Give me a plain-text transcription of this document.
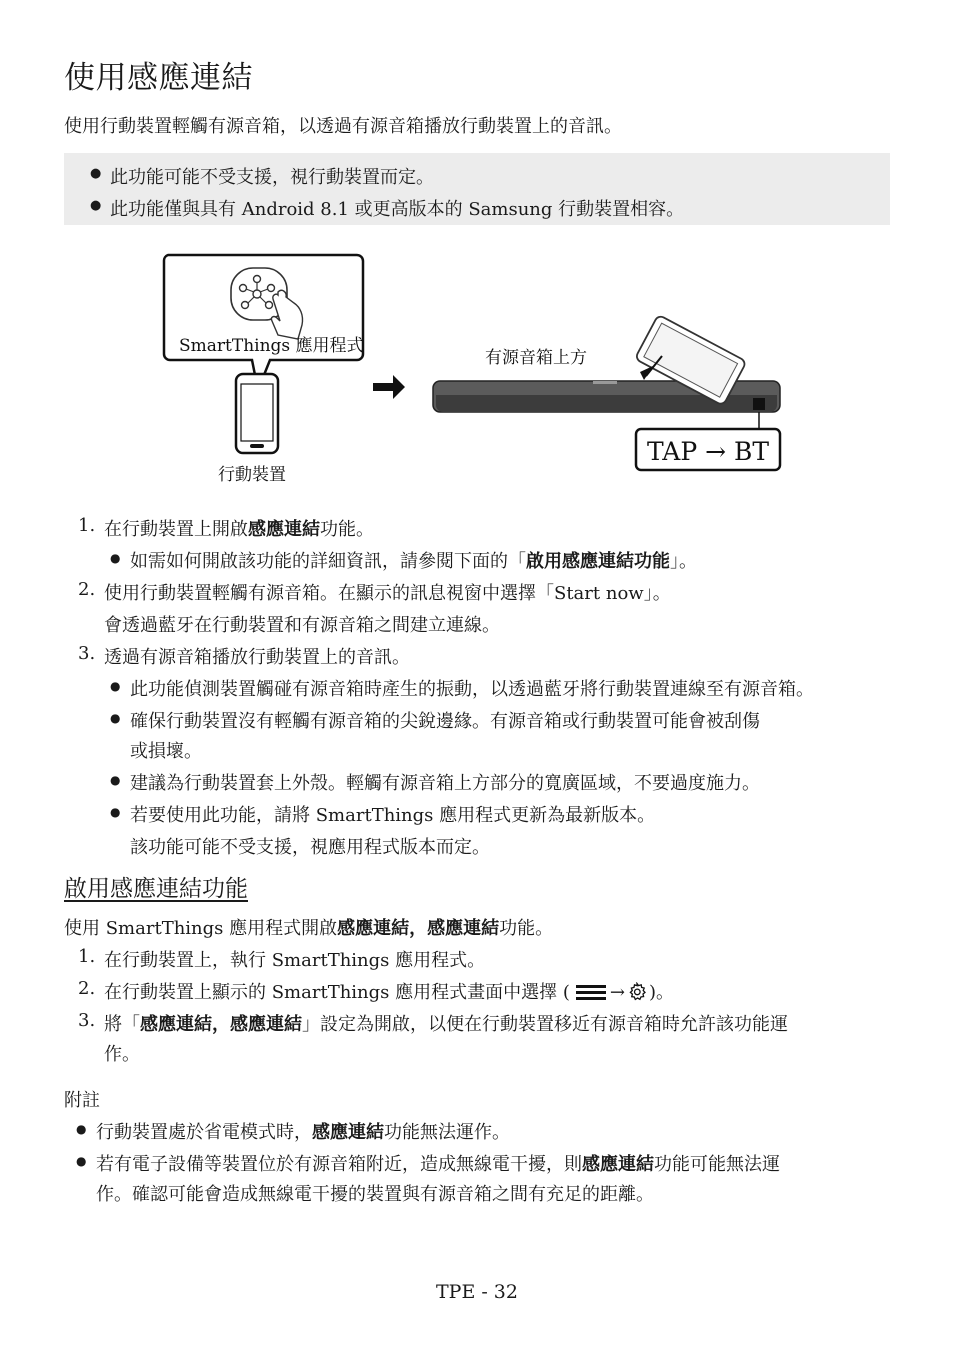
使用感應連結
使用行動裝置輕觸有源音箱，以透過有源音箱播放行動裝置上的音訊。
● 此功能可能不受支援，視行動裝置而定。
● 此功能僅與具有 Android 8.1 或更高版本的 Samsung 行動裝置相容。
SmartThings 應用程式
行動裝置
有源音箱上方
TAP → BT
1. 在行動裝置上開啟感應連結功能。
● 如需如何開啟該功能的詳細資訊，請參閱下面的「啟用感應連結功能」。
2. 使用行動裝置輕觸有源音箱。在顯示的訊息視窗中選擇「Start now」。
會透過藍牙在行動裝置和有源音箱之間建立連線。
3. 透過有源音箱播放行動裝置上的音訊。
● 此功能偵測裝置觸碰有源音箱時產生的振動，以透過藍牙將行動裝置連線至有源音箱。
● 確保行動裝置沒有輕觸有源音箱的尖銳邊緣。有源音箱或行動裝置可能會被刮傷
或損壞。
● 建議為行動裝置套上外殼。輕觸有源音箱上方部分的寬廣區域，不要過度施力。
● 若要使用此功能，請將 SmartThings 應用程式更新為最新版本。
該功能可能不受支援，視應用程式版本而定。
啟用感應連結功能
使用 SmartThings 應用程式開啟感應連結，感應連結功能。
1. 在行動裝置上，執行 SmartThings 應用程式。
2. 在行動裝置上顯示的 SmartThings 應用程式畫面中選擇 ( → )。
3. 將「感應連結，感應連結」設定為開啟，以便在行動裝置移近有源音箱時允許該功能運
作。
附註
● 行動裝置處於省電模式時，感應連結功能無法運作。
● 若有電子設備等裝置位於有源音箱附近，造成無線電干擾，則感應連結功能可能無法運
作。確認可能會造成無線電干擾的裝置與有源音箱之間有充足的距離。
TPE - 32
